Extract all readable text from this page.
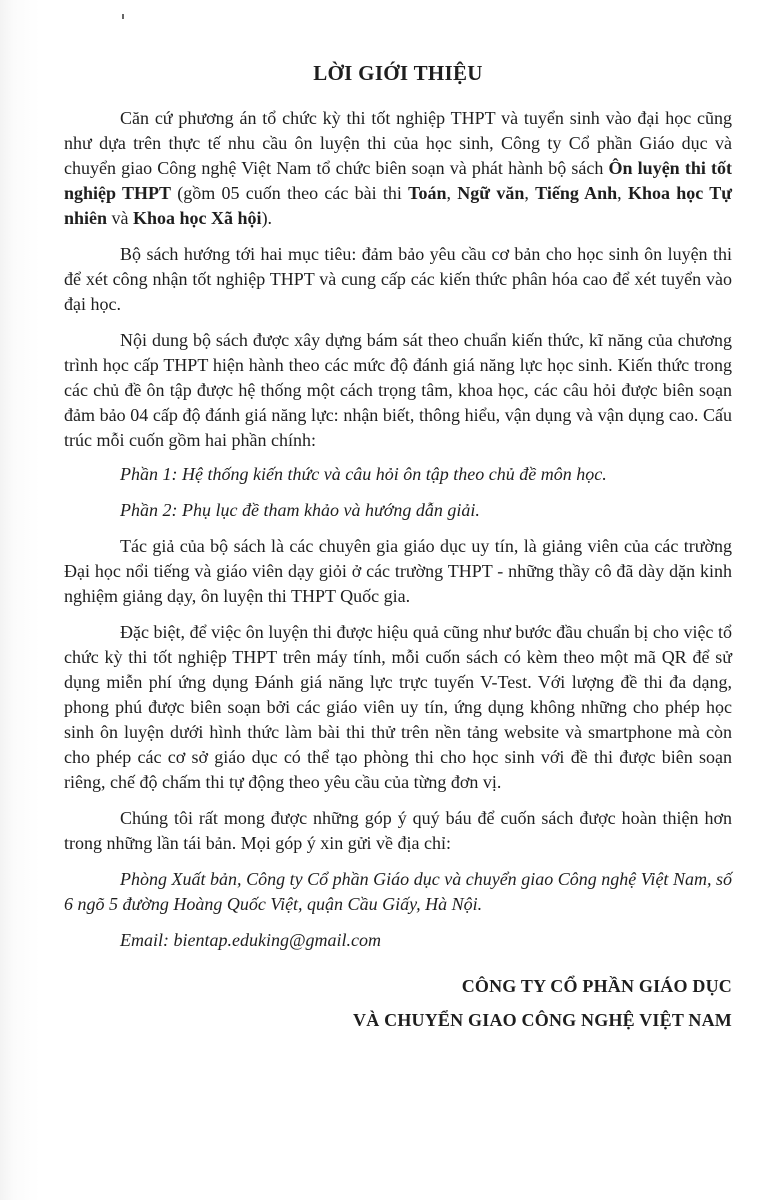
LỜI GIỚI THIỆU

Căn cứ phương án tổ chức kỳ thi tốt nghiệp THPT và tuyển sinh vào đại học cũng như dựa trên thực tế nhu cầu ôn luyện thi của học sinh, Công ty Cổ phần Giáo dục và chuyển giao Công nghệ Việt Nam tổ chức biên soạn và phát hành bộ sách Ôn luyện thi tốt nghiệp THPT (gồm 05 cuốn theo các bài thi Toán, Ngữ văn, Tiếng Anh, Khoa học Tự nhiên và Khoa học Xã hội).

Bộ sách hướng tới hai mục tiêu: đảm bảo yêu cầu cơ bản cho học sinh ôn luyện thi để xét công nhận tốt nghiệp THPT và cung cấp các kiến thức phân hóa cao để xét tuyển vào đại học.

Nội dung bộ sách được xây dựng bám sát theo chuẩn kiến thức, kĩ năng của chương trình học cấp THPT hiện hành theo các mức độ đánh giá năng lực học sinh. Kiến thức trong các chủ đề ôn tập được hệ thống một cách trọng tâm, khoa học, các câu hỏi được biên soạn đảm bảo 04 cấp độ đánh giá năng lực: nhận biết, thông hiểu, vận dụng và vận dụng cao. Cấu trúc mỗi cuốn gồm hai phần chính:

Phần 1: Hệ thống kiến thức và câu hỏi ôn tập theo chủ đề môn học.

Phần 2: Phụ lục đề tham khảo và hướng dẫn giải.

Tác giả của bộ sách là các chuyên gia giáo dục uy tín, là giảng viên của các trường Đại học nổi tiếng và giáo viên dạy giỏi ở các trường THPT - những thầy cô đã dày dặn kinh nghiệm giảng dạy, ôn luyện thi THPT Quốc gia.

Đặc biệt, để việc ôn luyện thi được hiệu quả cũng như bước đầu chuẩn bị cho việc tổ chức kỳ thi tốt nghiệp THPT trên máy tính, mỗi cuốn sách có kèm theo một mã QR để sử dụng miễn phí ứng dụng Đánh giá năng lực trực tuyến V-Test. Với lượng đề thi đa dạng, phong phú được biên soạn bởi các giáo viên uy tín, ứng dụng không những cho phép học sinh ôn luyện dưới hình thức làm bài thi thử trên nền tảng website và smartphone mà còn cho phép các cơ sở giáo dục có thể tạo phòng thi cho học sinh với đề thi được biên soạn riêng, chế độ chấm thi tự động theo yêu cầu của từng đơn vị.

Chúng tôi rất mong được những góp ý quý báu để cuốn sách được hoàn thiện hơn trong những lần tái bản. Mọi góp ý xin gửi về địa chỉ:

Phòng Xuất bản, Công ty Cổ phần Giáo dục và chuyển giao Công nghệ Việt Nam, số 6 ngõ 5 đường Hoàng Quốc Việt, quận Cầu Giấy, Hà Nội.

Email: bientap.eduking@gmail.com

CÔNG TY CỔ PHẦN GIÁO DỤC
VÀ CHUYỂN GIAO CÔNG NGHỆ VIỆT NAM
